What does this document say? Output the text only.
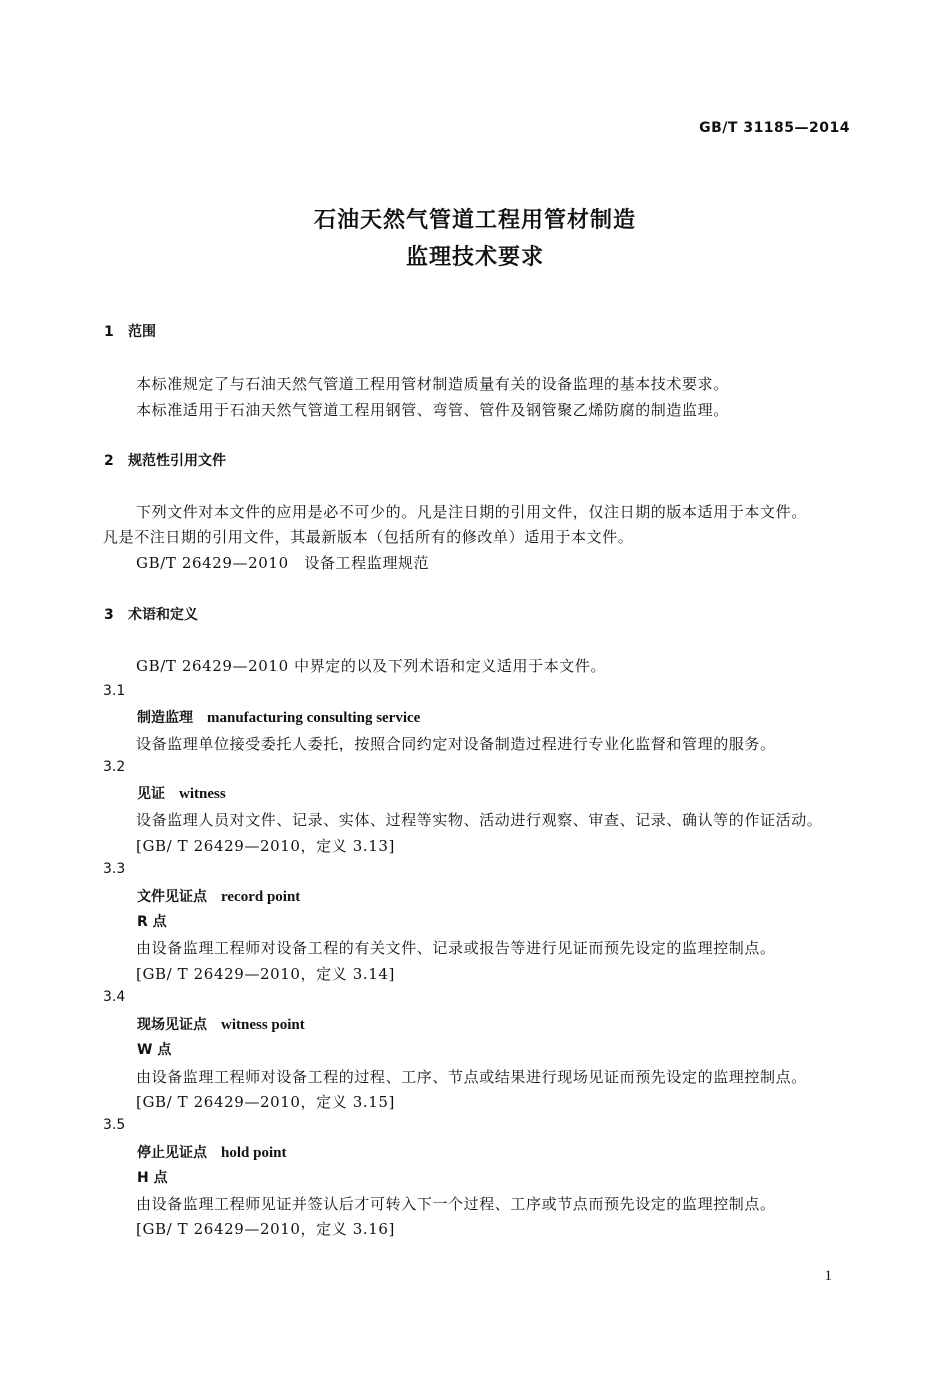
GB/T 31185—2014
石油天然气管道工程用管材制造
监理技术要求
1 范围
本标准规定了与石油天然气管道工程用管材制造质量有关的设备监理的基本技术要求。
本标准适用于石油天然气管道工程用钢管、弯管、管件及钢管聚乙烯防腐的制造监理。
2 规范性引用文件
下列文件对本文件的应用是必不可少的。凡是注日期的引用文件，仅注日期的版本适用于本文件。
凡是不注日期的引用文件，其最新版本（包括所有的修改单）适用于本文件。
GB/T 26429—2010　设备工程监理规范
3 术语和定义
GB/T 26429—2010 中界定的以及下列术语和定义适用于本文件。
3.1
制造监理 manufacturing consulting service
设备监理单位接受委托人委托，按照合同约定对设备制造过程进行专业化监督和管理的服务。
3.2
见证 witness
设备监理人员对文件、记录、实体、过程等实物、活动进行观察、审查、记录、确认等的作证活动。
[GB/ T 26429—2010，定义 3.13]
3.3
文件见证点 record point
R 点
由设备监理工程师对设备工程的有关文件、记录或报告等进行见证而预先设定的监理控制点。
[GB/ T 26429—2010，定义 3.14]
3.4
现场见证点 witness point
W 点
由设备监理工程师对设备工程的过程、工序、节点或结果进行现场见证而预先设定的监理控制点。
[GB/ T 26429—2010，定义 3.15]
3.5
停止见证点 hold point
H 点
由设备监理工程师见证并签认后才可转入下一个过程、工序或节点而预先设定的监理控制点。
[GB/ T 26429—2010，定义 3.16]
1
